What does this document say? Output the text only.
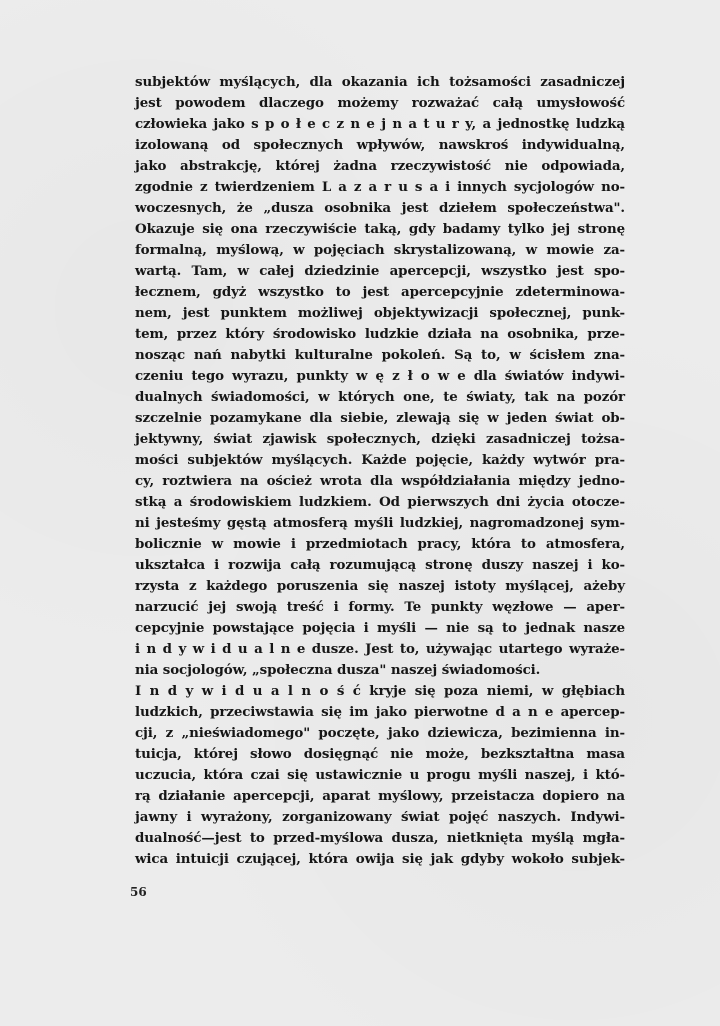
subjektów myślących, dla okazania ich tożsamości zasadniczej
jest powodem dlaczego możemy rozważać całą umysłowość
człowieka jako s p o ł e c z n e j n a t u r y, a jednostkę ludzką
izolowaną od społecznych wpływów, nawskroś indywidualną,
jako abstrakcję, której żadna rzeczywistość nie odpowiada,
zgodnie z twierdzeniem L a z a r u s a i innych sycjologów no-
woczesnych, że „dusza osobnika jest dziełem społeczeństwa".
Okazuje się ona rzeczywiście taką, gdy badamy tylko jej stronę
formalną, myślową, w pojęciach skrystalizowaną, w mowie za-
wartą. Tam, w całej dziedzinie apercepcji, wszystko jest spo-
łecznem, gdyż wszystko to jest apercepcyjnie zdeterminowa-
nem, jest punktem możliwej objektywizacji społecznej, punk-
tem, przez który środowisko ludzkie działa na osobnika, prze-
nosząc nań nabytki kulturalne pokoleń. Są to, w ścisłem zna-
czeniu tego wyrazu, punkty w ę z ł o w e dla światów indywi-
dualnych świadomości, w których one, te światy, tak na pozór
szczelnie pozamykane dla siebie, zlewają się w jeden świat ob-
jektywny, świat zjawisk społecznych, dzięki zasadniczej tożsa-
mości subjektów myślących. Każde pojęcie, każdy wytwór pra-
cy, roztwiera na oścież wrota dla współdziałania między jedno-
stką a środowiskiem ludzkiem. Od pierwszych dni życia otocze-
ni jesteśmy gęstą atmosferą myśli ludzkiej, nagromadzonej sym-
bolicznie w mowie i przedmiotach pracy, która to atmosfera,
ukształca i rozwija całą rozumującą stronę duszy naszej i ko-
rzysta z każdego poruszenia się naszej istoty myślącej, ażeby
narzucić jej swoją treść i formy. Te punkty węzłowe — aper-
cepcyjnie powstające pojęcia i myśli — nie są to jednak nasze
i n d y w i d u a l n e dusze. Jest to, używając utartego wyraże-
nia socjologów, „społeczna dusza" naszej świadomości.
I n d y w i d u a l n o ś ć kryje się poza niemi, w głębiach
ludzkich, przeciwstawia się im jako pierwotne d a n e apercep-
cji, z „nieświadomego" poczęte, jako dziewicza, bezimienna in-
tuicja, której słowo dosięgnąć nie może, bezkształtna masa
uczucia, która czai się ustawicznie u progu myśli naszej, i któ-
rą działanie apercepcji, aparat myślowy, przeistacza dopiero na
jawny i wyrażony, zorganizowany świat pojęć naszych. Indywi-
dualność—jest to przed-myślowa dusza, nietknięta myślą mgła-
wica intuicji czującej, która owija się jak gdyby wokoło subjek-
56
